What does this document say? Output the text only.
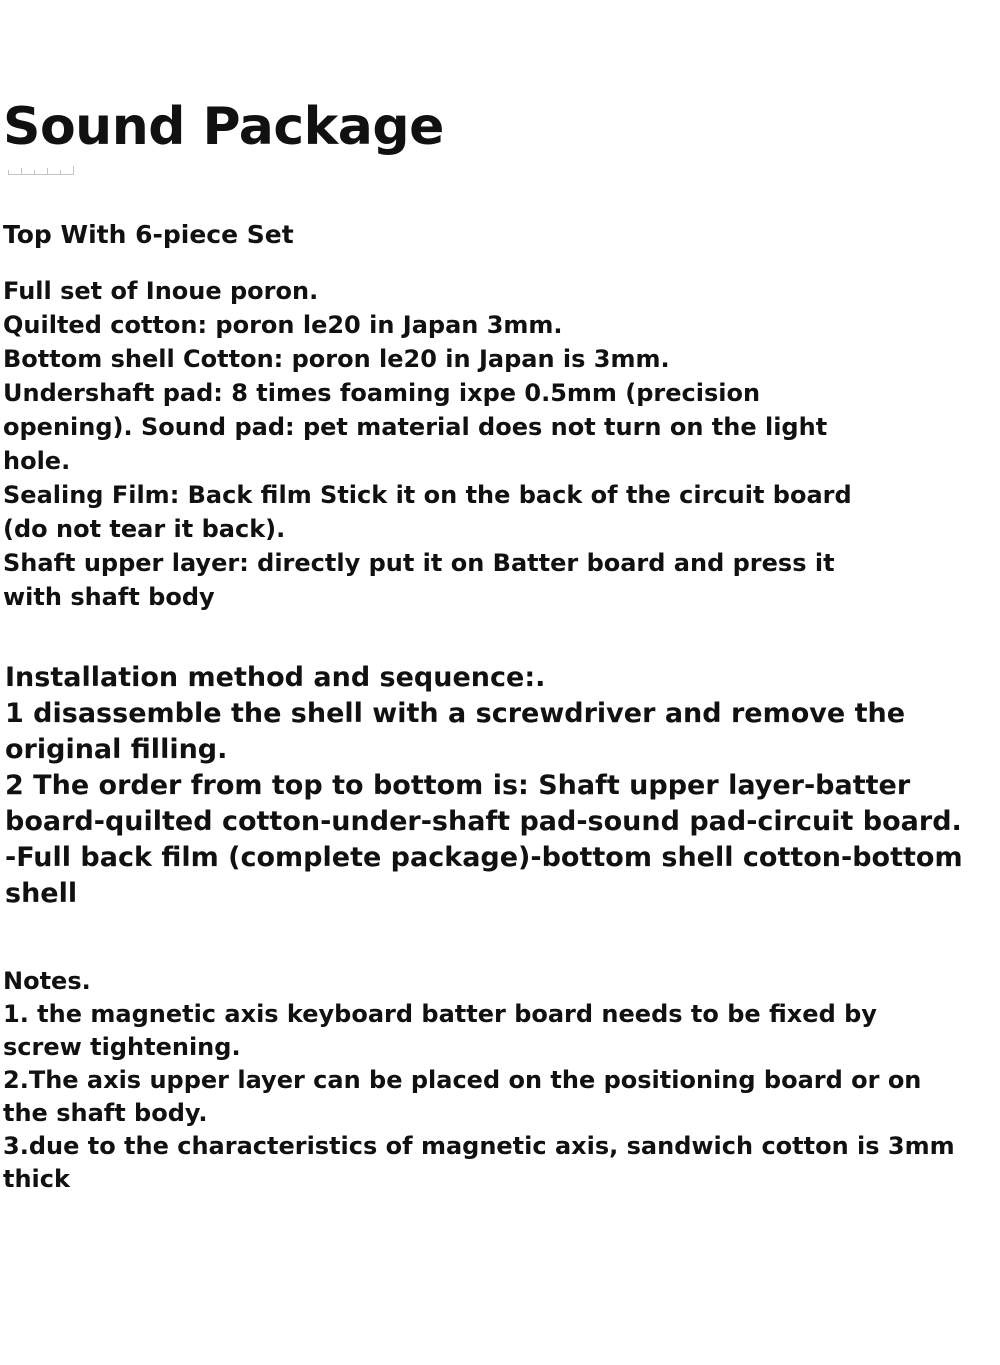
Sound Package
Top With 6-piece Set

Full set of Inoue poron.

Quilted cotton: poron le20 in Japan 3mm.

Bottom shell Cotton: poron le20 in Japan is 3mm.

Undershaft pad: 8 times foaming ixpe 0.5mm (precision

opening). Sound pad: pet material does not turn on the light

hole.

Sealing Film: Back film Stick it on the back of the circuit board

(do not tear it back).

Shaft upper layer: directly put it on Batter board and press it

with shaft body

Installation method and sequence:.

1 disassemble the shell with a screwdriver and remove the

original filling.

2 The order from top to bottom is: Shaft upper layer-batter

board-quilted cotton-under-shaft pad-sound pad-circuit board.

-Full back film (complete package)-bottom shell cotton-bottom

shell

Notes.

1. the magnetic axis keyboard batter board needs to be fixed by

screw tightening.

2.The axis upper layer can be placed on the positioning board or on

the shaft body.

3.due to the characteristics of magnetic axis, sandwich cotton is 3mm

thick
